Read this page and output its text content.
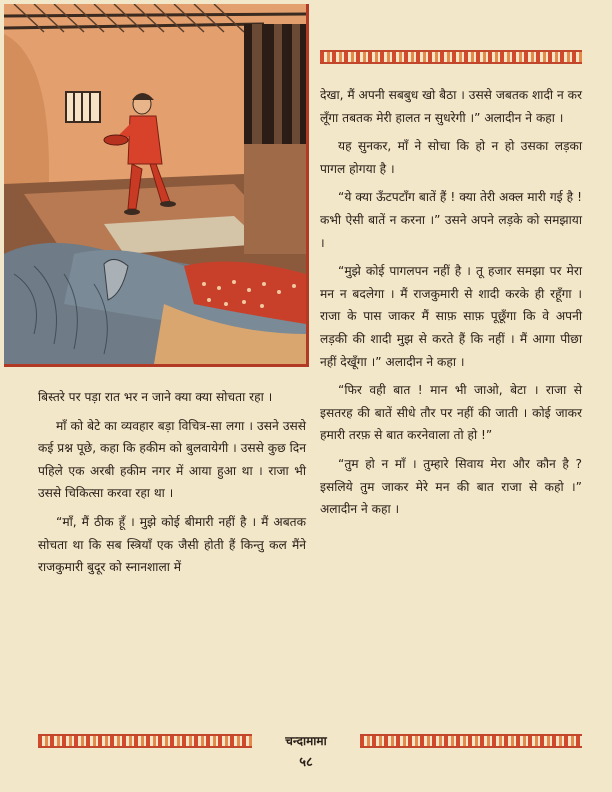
बिस्तरे पर पड़ा रात भर न जाने क्या क्या सोचता रहा ।

माँ को बेटे का व्यवहार बड़ा विचित्र-सा लगा । उसने उससे कई प्रश्न पूछे, कहा कि हकीम को बुलवायेगी । उससे कुछ दिन पहिले एक अरबी हकीम नगर में आया हुआ था । राजा भी उससे चिकित्सा करवा रहा था ।

“माँ, मैं ठीक हूँ । मुझे कोई बीमारी नहीं है । मैं अबतक सोचता था कि सब स्त्रियाँ एक जैसी होती हैं किन्तु कल मैंने राजकुमारी बुदूर को स्नानशाला में

देखा, मैं अपनी सबबुध खो बैठा । उससे जबतक शादी न कर लूँगा तबतक मेरी हालत न सुधरेगी ।” अलादीन ने कहा ।

यह सुनकर, माँ ने सोचा कि हो न हो उसका लड़का पागल होगया है ।

“ये क्या ऊँटपटाँग बातें हैं ! क्या तेरी अक्ल मारी गई है ! कभी ऐसी बातें न करना ।” उसने अपने लड़के को समझाया ।

“मुझे कोई पागलपन नहीं है । तू हजार समझा पर मेरा मन न बदलेगा । मैं राजकुमारी से शादी करके ही रहूँगा । राजा के पास जाकर मैं साफ़ साफ़ पूछूँगा कि वे अपनी लड़की की शादी मुझ से करते हैं कि नहीं । मैं आगा पीछा नहीं देखूँगा ।” अलादीन ने कहा ।

“फिर वही बात ! मान भी जाओ, बेटा । राजा से इसतरह की बातें सीधे तौर पर नहीं की जाती । कोई जाकर हमारी तरफ़ से बात करनेवाला तो हो !”

“तुम हो न माँ । तुम्हारे सिवाय मेरा और कौन है ? इसलिये तुम जाकर मेरे मन की बात राजा से कहो ।” अलादीन ने कहा ।

चन्दामामा
५८
